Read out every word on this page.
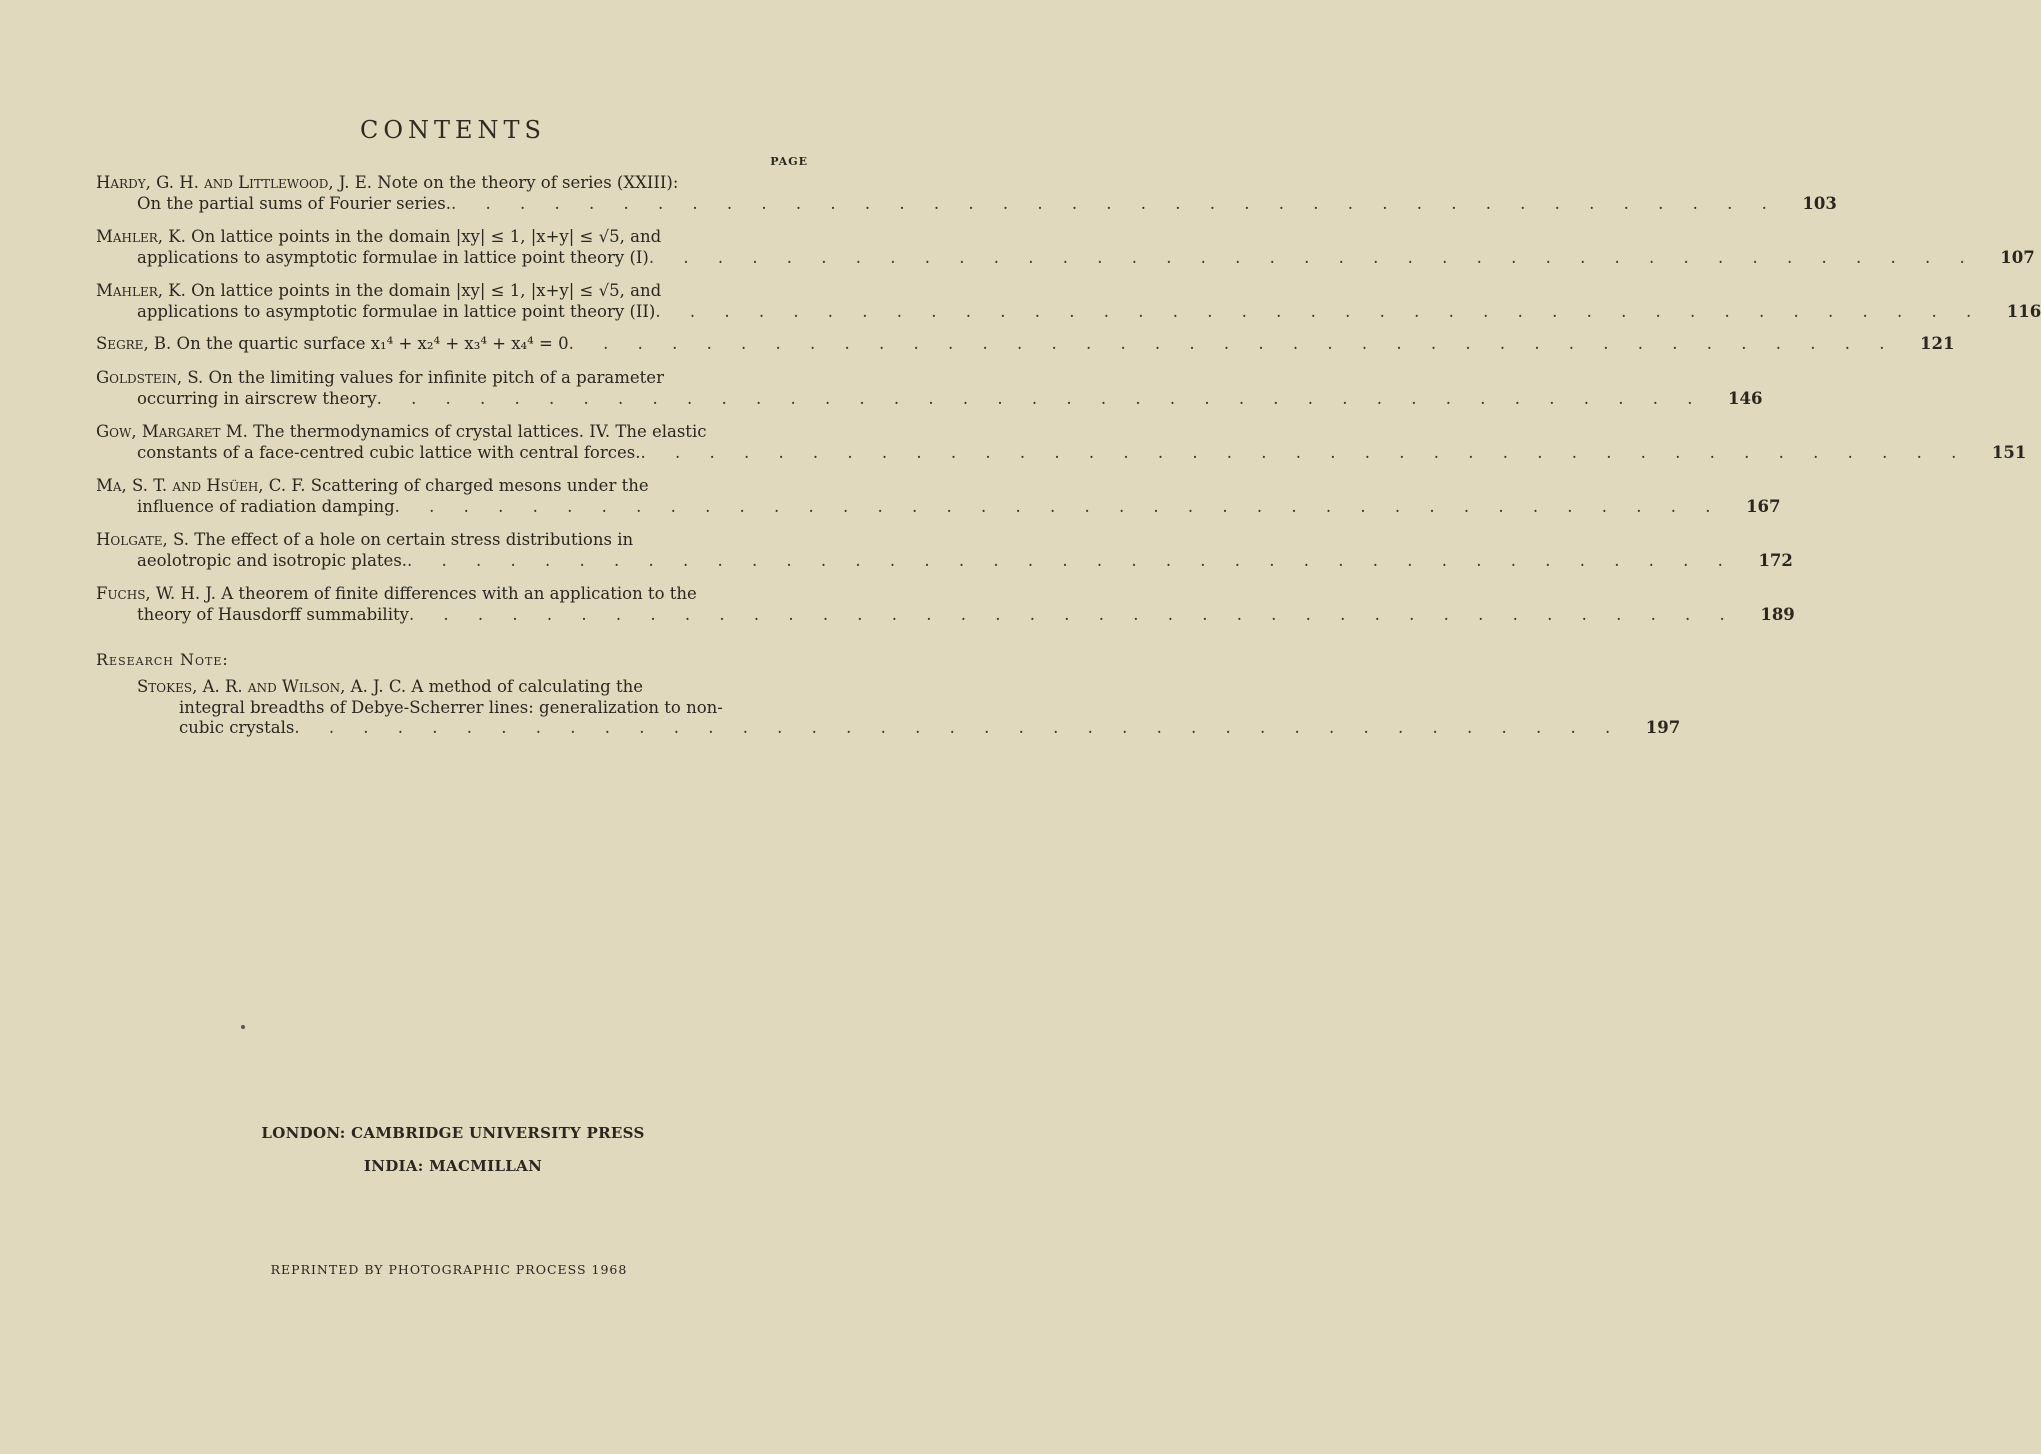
CONTENTS
PAGE
Hardy, G. H. and Littlewood, J. E. Note on the theory of series (XXIII):
On the partial sums of Fourier series. . . . . . . . . . . . . . . . . . . . . . . . . . . . . . . . . . . . . . . .	103
Mahler, K. On lattice points in the domain |xy| ≤ 1, |x+y| ≤ √5, and
applications to asymptotic formulae in lattice point theory (I) . . . . . . . . . . . . . . . . . . . . . . . . . . . . . . . . . . . . . . .	107
Mahler, K. On lattice points in the domain |xy| ≤ 1, |x+y| ≤ √5, and
applications to asymptotic formulae in lattice point theory (II) . . . . . . . . . . . . . . . . . . . . . . . . . . . . . . . . . . . . . . .	116
Segre, B. On the quartic surface x₁⁴ + x₂⁴ + x₃⁴ + x₄⁴ = 0 . . . . . . . . . . . . . . . . . . . . . . . . . . . . . . . . . . . . . . .	121
Goldstein, S. On the limiting values for infinite pitch of a parameter
occurring in airscrew theory . . . . . . . . . . . . . . . . . . . . . . . . . . . . . . . . . . . . . . .	146
Gow, Margaret M. The thermodynamics of crystal lattices. IV. The elastic
constants of a face-centred cubic lattice with central forces. . . . . . . . . . . . . . . . . . . . . . . . . . . . . . . . . . . . . . . .	151
Ma, S. T. and Hsüeh, C. F. Scattering of charged mesons under the
influence of radiation damping . . . . . . . . . . . . . . . . . . . . . . . . . . . . . . . . . . . . . . .	167
Holgate, S. The effect of a hole on certain stress distributions in
aeolotropic and isotropic plates. . . . . . . . . . . . . . . . . . . . . . . . . . . . . . . . . . . . . . . .	172
Fuchs, W. H. J. A theorem of finite differences with an application to the
theory of Hausdorff summability . . . . . . . . . . . . . . . . . . . . . . . . . . . . . . . . . . . . . . .	189
Research Note:
Stokes, A. R. and Wilson, A. J. C. A method of calculating the
integral breadths of Debye-Scherrer lines: generalization to non-
cubic crystals . . . . . . . . . . . . . . . . . . . . . . . . . . . . . . . . . . . . . . .	197
LONDON: CAMBRIDGE UNIVERSITY PRESS
INDIA: MACMILLAN
REPRINTED BY PHOTOGRAPHIC PROCESS 1968
